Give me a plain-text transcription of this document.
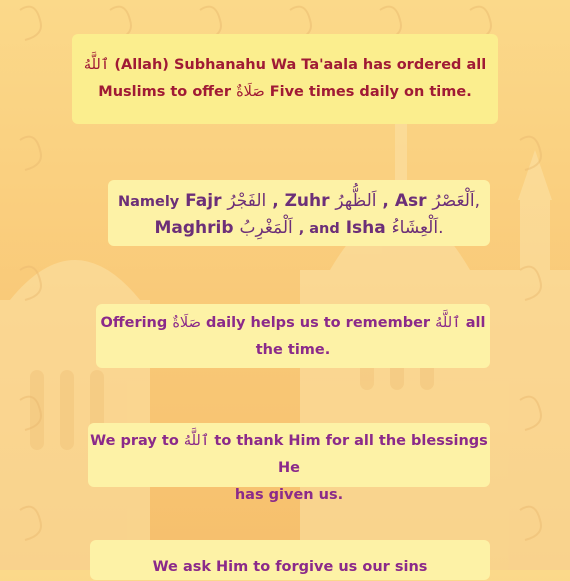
ٱللَّهُ (Allah) Subhanahu Wa Ta'aala has ordered all
Muslims to offer صَلَاةٌ Five times daily on time.
Namely Fajr الفَجْرُ , Zuhr اَلظُّهرُ , Asr اَلْعَصْرُ,
Maghrib اَلْمَغْرِبُ , and Isha اَلْعِشَاءُ.
Offering صَلَاةٌ daily helps us to remember ٱللَّهُ all
the time.
We pray to ٱللَّهُ to thank Him for all the blessings He
has given us.
We ask Him to forgive us our sins
